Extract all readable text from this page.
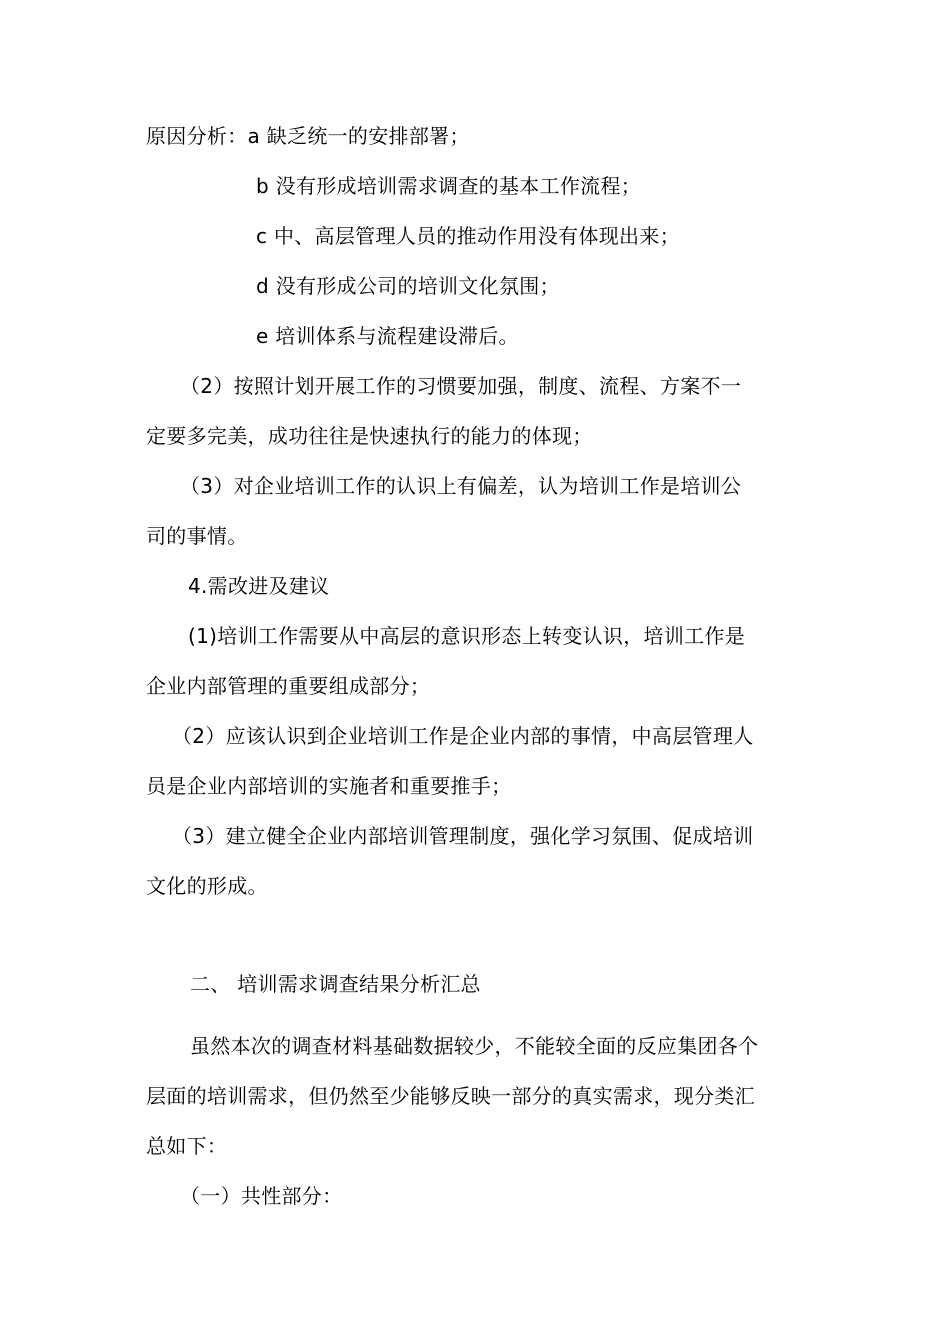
原因分析：a 缺乏统一的安排部署；
b 没有形成培训需求调查的基本工作流程；
c 中、高层管理人员的推动作用没有体现出来；
d 没有形成公司的培训文化氛围；
e 培训体系与流程建设滞后。
（2）按照计划开展工作的习惯要加强，制度、流程、方案不一
定要多完美，成功往往是快速执行的能力的体现；
（3）对企业培训工作的认识上有偏差，认为培训工作是培训公
司的事情。
4.需改进及建议
(1)培训工作需要从中高层的意识形态上转变认识，培训工作是
企业内部管理的重要组成部分；
（2）应该认识到企业培训工作是企业内部的事情，中高层管理人
员是企业内部培训的实施者和重要推手；
（3）建立健全企业内部培训管理制度，强化学习氛围、促成培训
文化的形成。
二、 培训需求调查结果分析汇总
虽然本次的调查材料基础数据较少，不能较全面的反应集团各个
层面的培训需求，但仍然至少能够反映一部分的真实需求，现分类汇
总如下：
（一）共性部分：
